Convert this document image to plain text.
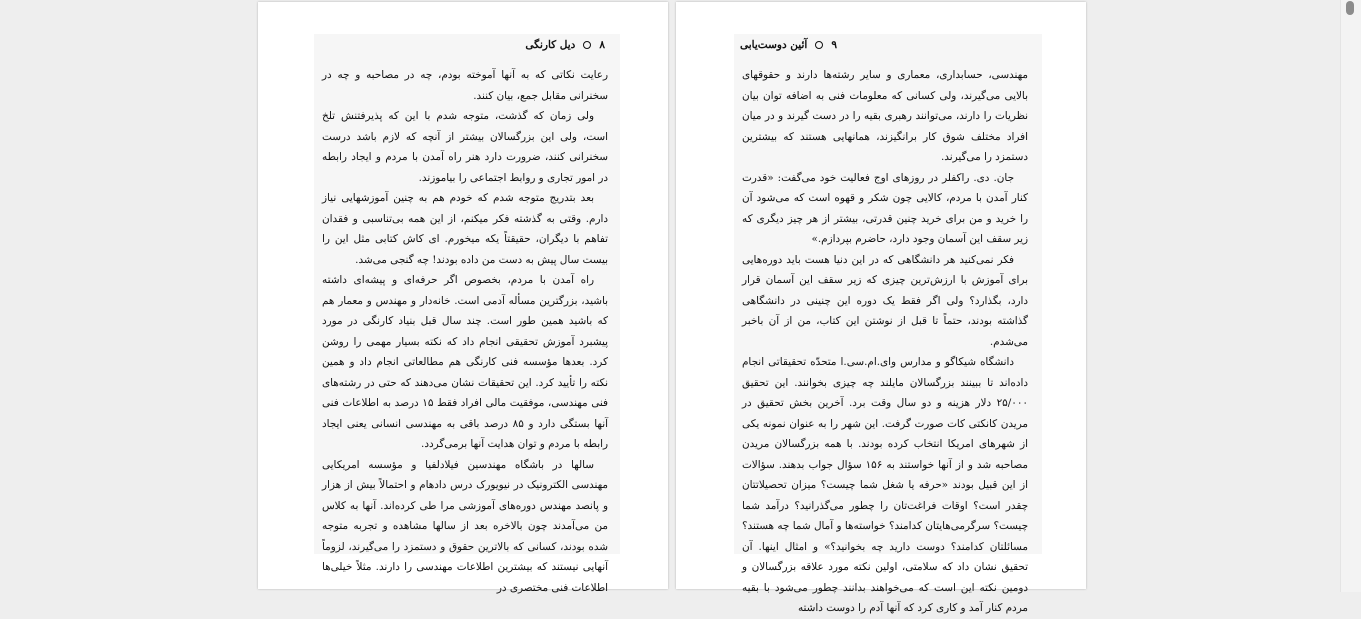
۸
دیل کارنگی

رعایت نکاتی که به آنها آموخته بودم، چه در مصاحبه و چه در سخنرانی مقابل جمع، بیان کنند.

ولی زمان که گذشت، متوجه شدم با این که پذیرفتنش تلخ است، ولی این بزرگسالان بیشتر از آنچه که لازم باشد درست سخنرانی کنند، ضرورت دارد هنر راه آمدن با مردم و ایجاد رابطه در امور تجاری و روابط اجتماعی را بیاموزند.

بعد بتدریج متوجه شدم که خودم هم به چنین آموزشهایی نیاز دارم. وقتی به گذشته فکر میکنم، از این همه بی‌تناسبی و فقدان تفاهم با دیگران، حقیقتاً یکه میخورم. ای کاش کتابی مثل این را بیست سال پیش به دست من داده بودند! چه گنجی می‌شد.

راه آمدن با مردم، بخصوص اگر حرفه‌ای و پیشه‌ای داشته باشید، بزرگترین مسأله آدمی است. خانه‌دار و مهندس و معمار هم که باشید همین طور است. چند سال قبل بنیاد کارنگی در مورد پیشبرد آموزش تحقیقی انجام داد که نکته بسیار مهمی را روشن کرد. بعدها مؤسسه فنی کارنگی هم مطالعاتی انجام داد و همین نکته را تأیید کرد. این تحقیقات نشان می‌دهند که حتی در رشته‌های فنی مهندسی، موفقیت مالی افراد فقط ۱۵ درصد به اطلاعات فنی آنها بستگی دارد و ۸۵ درصد باقی به مهندسی انسانی یعنی ایجاد رابطه با مردم و توان هدایت آنها برمی‌گردد.

سالها در باشگاه مهندسین فیلادلفیا و مؤسسه امریکایی مهندسی الکترونیک در نیویورک درس دادهام و احتمالاً بیش از هزار و پانصد مهندس دوره‌های آموزشی مرا طی کرده‌اند. آنها به کلاس من می‌آمدند چون بالاخره بعد از سالها مشاهده و تجربه متوجه شده بودند، کسانی که بالاترین حقوق و دستمزد را می‌گیرند، لزوماً آنهایی نیستند که بیشترین اطلاعات مهندسی را دارند. مثلاً خیلی‌ها اطلاعات فنی مختصری در

۹
آئین دوست‌یابی

مهندسی، حسابداری، معماری و سایر رشته‌ها دارند و حقوقهای بالایی می‌گیرند، ولی کسانی که معلومات فنی به اضافه توان بیان نظریات را دارند، می‌توانند رهبری بقیه را در دست گیرند و در میان افراد مختلف شوق کار برانگیزند، همانهایی هستند که بیشترین دستمزد را می‌گیرند.

جان. دی. راکفلر در روزهای اوج فعالیت خود می‌گفت: «قدرت کنار آمدن با مردم، کالایی چون شکر و قهوه است که می‌شود آن را خرید و من برای خرید چنین قدرتی، بیشتر از هر چیز دیگری که زیر سقف این آسمان وجود دارد، حاضرم بپردازم.»

فکر نمی‌کنید هر دانشگاهی که در این دنیا هست باید دوره‌هایی برای آموزش با ارزش‌ترین چیزی که زیر سقف این آسمان قرار دارد، بگذارد؟ ولی اگر فقط یک دوره این چنینی در دانشگاهی گذاشته بودند، حتماً تا قبل از نوشتن این کتاب، من از آن باخبر می‌شدم.

دانشگاه شیکاگو و مدارس وای.ام.سی.ا متحدّه تحقیقاتی انجام داده‌اند تا ببینند بزرگسالان مایلند چه چیزی بخوانند. این تحقیق ۲۵/۰۰۰ دلار هزینه و دو سال وقت برد. آخرین بخش تحقیق در مریدن کانکتی کات صورت گرفت. این شهر را به عنوان نمونه یکی از شهرهای امریکا انتخاب کرده بودند. با همه بزرگسالان مریدن مصاحبه شد و از آنها خواستند به ۱۵۶ سؤال جواب بدهند. سؤالات از این قبیل بودند «حرفه یا شغل شما چیست؟ میزان تحصیلاتتان چقدر است؟ اوقات فراغت‌تان را چطور می‌گذرانید؟ درآمد شما چیست؟ سرگرمی‌هایتان کدامند؟ خواسته‌ها و آمال شما چه هستند؟ مسائلتان کدامند؟ دوست دارید چه بخوانید؟» و امثال اینها. آن تحقیق نشان داد که سلامتی، اولین نکته مورد علاقه بزرگسالان و دومین نکته این است که می‌خواهند بدانند چطور می‌شود با بقیه مردم کنار آمد و کاری کرد که آنها آدم را دوست داشته
